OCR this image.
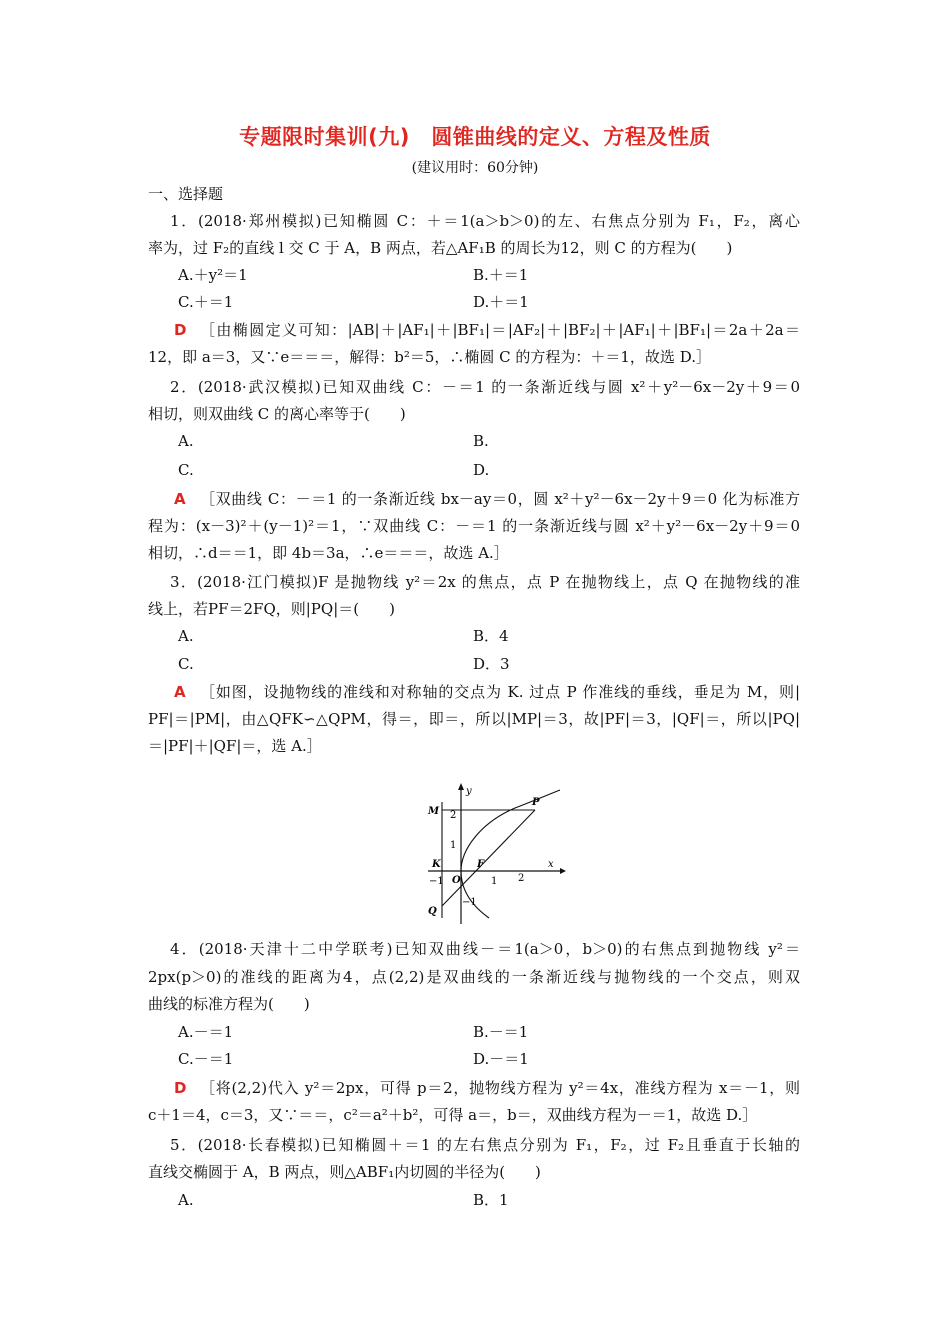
专题限时集训(九)　圆锥曲线的定义、方程及性质
(建议用时：60分钟)
一、选择题
1．(2018·郑州模拟)已知椭圆 C：＋＝1(a＞b＞0)的左、右焦点分别为 F₁，F₂，离心
率为，过 F₂的直线 l 交 C 于 A，B 两点，若△AF₁B 的周长为12，则 C 的方程为(　　)
A.＋y²＝1	B.＋＝1
C.＋＝1	D.＋＝1
D ［由椭圆定义可知：|AB|＋|AF₁|＋|BF₁|＝|AF₂|＋|BF₂|＋|AF₁|＋|BF₁|＝2a＋2a＝
12，即 a＝3，又∵e＝＝＝，解得：b²＝5，∴椭圆 C 的方程为：＋＝1，故选 D.］
2．(2018·武汉模拟)已知双曲线 C：－＝1 的一条渐近线与圆 x²＋y²－6x－2y＋9＝0
相切，则双曲线 C 的离心率等于(　　)
A.	B.
C.	D.
A ［双曲线 C：－＝1 的一条渐近线 bx－ay＝0，圆 x²＋y²－6x－2y＋9＝0 化为标准方
程为：(x－3)²＋(y－1)²＝1，∵双曲线 C：－＝1 的一条渐近线与圆 x²＋y²－6x－2y＋9＝0
相切，∴d＝＝1，即 4b＝3a，∴e＝＝＝，故选 A.］
3．(2018·江门模拟)F 是抛物线 y²＝2x 的焦点，点 P 在抛物线上，点 Q 在抛物线的准
线上，若PF＝2FQ，则|PQ|＝(　　)
A.	B．4
C.	D．3
A ［如图，设抛物线的准线和对称轴的交点为 K. 过点 P 作准线的垂线，垂足为 M，则|
PF|＝|PM|，由△QFK∽△QPM，得＝，即＝，所以|MP|＝3，故|PF|＝3，|QF|＝，所以|PQ|
＝|PF|＋|QF|＝，选 A.］
y
x
P
M
K	F
O
Q
2
1
−1
1 2
−1
4．(2018·天津十二中学联考)已知双曲线－＝1(a＞0，b＞0)的右焦点到抛物线 y²＝
2px(p＞0)的准线的距离为4，点(2,2)是双曲线的一条渐近线与抛物线的一个交点，则双
曲线的标准方程为(　　)
A.－＝1	B.－＝1
C.－＝1	D.－＝1
D ［将(2,2)代入 y²＝2px，可得 p＝2，抛物线方程为 y²＝4x，准线方程为 x＝－1，则
c＋1＝4，c＝3，又∵＝＝，c²＝a²＋b²，可得 a＝，b＝，双曲线方程为－＝1，故选 D.］
5．(2018·长春模拟)已知椭圆＋＝1 的左右焦点分别为 F₁，F₂，过 F₂且垂直于长轴的
直线交椭圆于 A，B 两点，则△ABF₁内切圆的半径为(　　)
A.	B．1
